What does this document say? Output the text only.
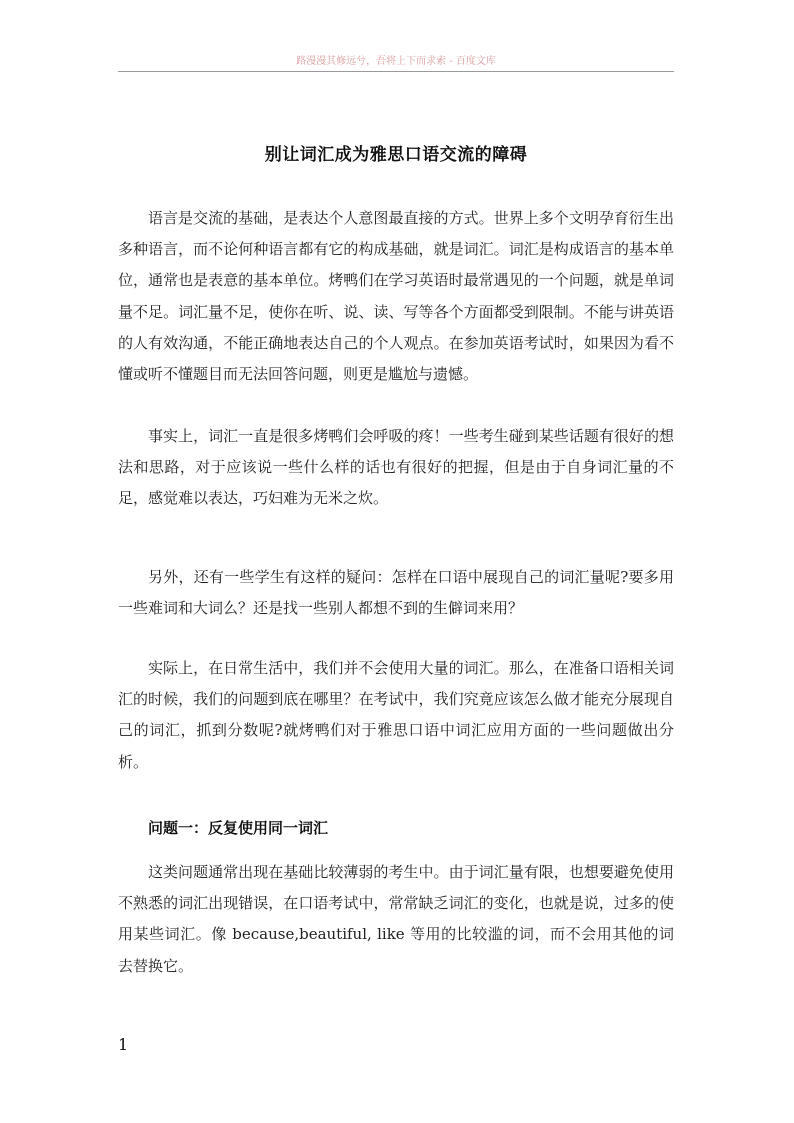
路漫漫其修远兮，吾将上下而求索 - 百度文库
别让词汇成为雅思口语交流的障碍

语言是交流的基础，是表达个人意图最直接的方式。世界上多个文明孕育衍生出多种语言，而不论何种语言都有它的构成基础，就是词汇。词汇是构成语言的基本单位，通常也是表意的基本单位。烤鸭们在学习英语时最常遇见的一个问题，就是单词量不足。词汇量不足，使你在听、说、读、写等各个方面都受到限制。不能与讲英语的人有效沟通，不能正确地表达自己的个人观点。在参加英语考试时，如果因为看不懂或听不懂题目而无法回答问题，则更是尴尬与遗憾。

事实上，词汇一直是很多烤鸭们会呼吸的疼！一些考生碰到某些话题有很好的想法和思路，对于应该说一些什么样的话也有很好的把握，但是由于自身词汇量的不足，感觉难以表达，巧妇难为无米之炊。

另外，还有一些学生有这样的疑问：怎样在口语中展现自己的词汇量呢?要多用一些难词和大词么？还是找一些别人都想不到的生僻词来用？

实际上，在日常生活中，我们并不会使用大量的词汇。那么，在准备口语相关词汇的时候，我们的问题到底在哪里？在考试中，我们究竟应该怎么做才能充分展现自己的词汇，抓到分数呢?就烤鸭们对于雅思口语中词汇应用方面的一些问题做出分析。

问题一：反复使用同一词汇

这类问题通常出现在基础比较薄弱的考生中。由于词汇量有限，也想要避免使用不熟悉的词汇出现错误，在口语考试中，常常缺乏词汇的变化，也就是说，过多的使用某些词汇。像 because,beautiful, like 等用的比较滥的词，而不会用其他的词去替换它。

1
